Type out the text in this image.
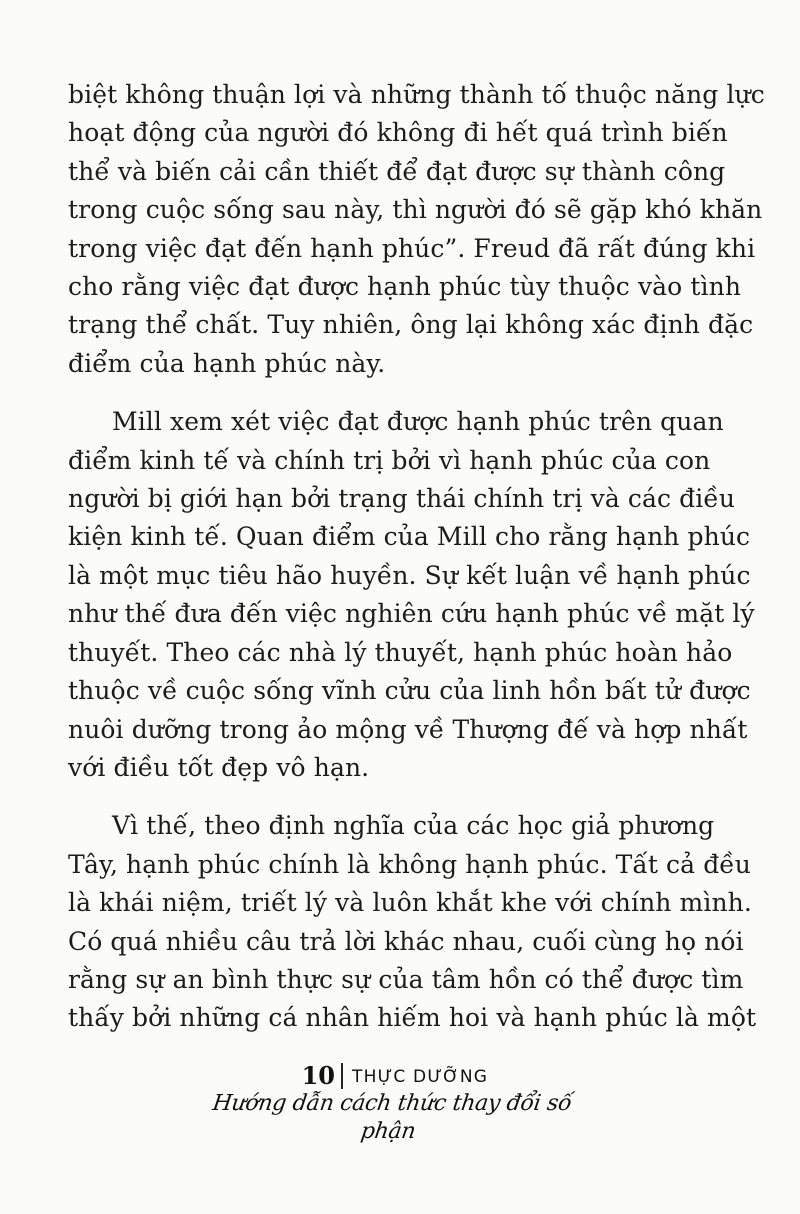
biệt không thuận lợi và những thành tố thuộc năng lực
hoạt động của người đó không đi hết quá trình biến
thể và biến cải cần thiết để đạt được sự thành công
trong cuộc sống sau này, thì người đó sẽ gặp khó khăn
trong việc đạt đến hạnh phúc”. Freud đã rất đúng khi
cho rằng việc đạt được hạnh phúc tùy thuộc vào tình
trạng thể chất. Tuy nhiên, ông lại không xác định đặc
điểm của hạnh phúc này.

Mill xem xét việc đạt được hạnh phúc trên quan
điểm kinh tế và chính trị bởi vì hạnh phúc của con
người bị giới hạn bởi trạng thái chính trị và các điều
kiện kinh tế. Quan điểm của Mill cho rằng hạnh phúc
là một mục tiêu hão huyền. Sự kết luận về hạnh phúc
như thế đưa đến việc nghiên cứu hạnh phúc về mặt lý
thuyết. Theo các nhà lý thuyết, hạnh phúc hoàn hảo
thuộc về cuộc sống vĩnh cửu của linh hồn bất tử được
nuôi dưỡng trong ảo mộng về Thượng đế và hợp nhất
với điều tốt đẹp vô hạn.

Vì thế, theo định nghĩa của các học giả phương
Tây, hạnh phúc chính là không hạnh phúc. Tất cả đều
là khái niệm, triết lý và luôn khắt khe với chính mình.
Có quá nhiều câu trả lời khác nhau, cuối cùng họ nói
rằng sự an bình thực sự của tâm hồn có thể được tìm
thấy bởi những cá nhân hiếm hoi và hạnh phúc là một

10 THỰC DƯỠNG
Hướng dẫn cách thức thay đổi số phận
